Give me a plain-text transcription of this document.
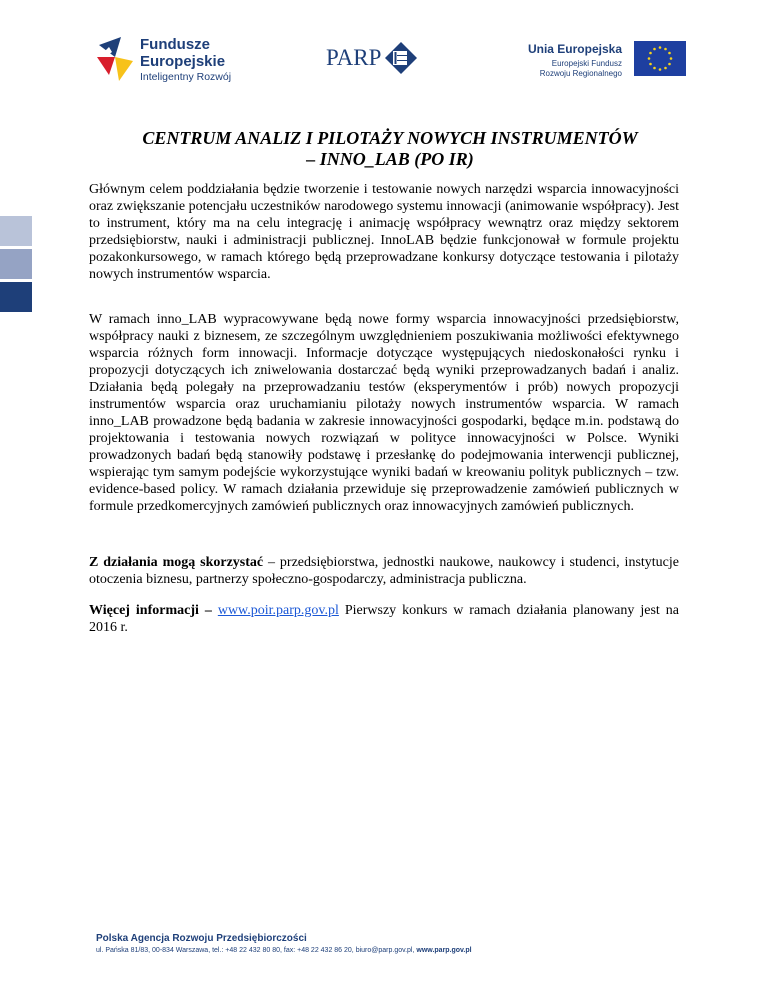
Fundusze
Europejskie
Inteligentny Rozwój
PARP	Unia Europejska
Europejski Fundusz
Rozwoju Regionalnego
CENTRUM ANALIZ I PILOTAŻY NOWYCH INSTRUMENTÓW
– INNO_LAB (PO IR)

Głównym celem poddziałania będzie tworzenie i testowanie nowych narzędzi wsparcia innowacyjności oraz zwiększanie potencjału uczestników narodowego systemu innowacji (animowanie współpracy). Jest to instrument, który ma na celu integrację i animację współpracy wewnątrz oraz między sektorem przedsiębiorstw, nauki i administracji publicznej. InnoLAB będzie funkcjonował w formule projektu pozakonkursowego, w ramach którego będą przeprowadzane konkursy dotyczące testowania i pilotaży nowych instrumentów wsparcia.

W ramach inno_LAB wypracowywane będą nowe formy wsparcia innowacyjności przedsiębiorstw, współpracy nauki z biznesem, ze szczególnym uwzględnieniem poszukiwania możliwości efektywnego wsparcia różnych form innowacji. Informacje dotyczące występujących niedoskonałości rynku i propozycji dotyczących ich zniwelowania dostarczać będą wyniki przeprowadzanych badań i analiz. Działania będą polegały na przeprowadzaniu testów (eksperymentów i prób) nowych propozycji instrumentów wsparcia oraz uruchamianiu pilotaży nowych instrumentów wsparcia. W ramach inno_LAB prowadzone będą badania w zakresie innowacyjności gospodarki, będące m.in. podstawą do projektowania i testowania nowych rozwiązań w polityce innowacyjności w Polsce. Wyniki prowadzonych badań będą stanowiły podstawę i przesłankę do podejmowania interwencji publicznej, wspierając tym samym podejście wykorzystujące wyniki badań w kreowaniu polityk publicznych – tzw. evidence-based policy. W ramach działania przewiduje się przeprowadzenie zamówień publicznych w formule przedkomercyjnych zamówień publicznych oraz innowacyjnych zamówień publicznych.

Z działania mogą skorzystać – przedsiębiorstwa, jednostki naukowe, naukowcy i studenci, instytucje otoczenia biznesu, partnerzy społeczno-gospodarczy, administracja publiczna.

Więcej informacji – www.poir.parp.gov.pl Pierwszy konkurs w ramach działania planowany jest na 2016 r.

Polska Agencja Rozwoju Przedsiębiorczości
ul. Pańska 81/83, 00-834 Warszawa, tel.: +48 22 432 80 80, fax: +48 22 432 86 20, biuro@parp.gov.pl, www.parp.gov.pl
